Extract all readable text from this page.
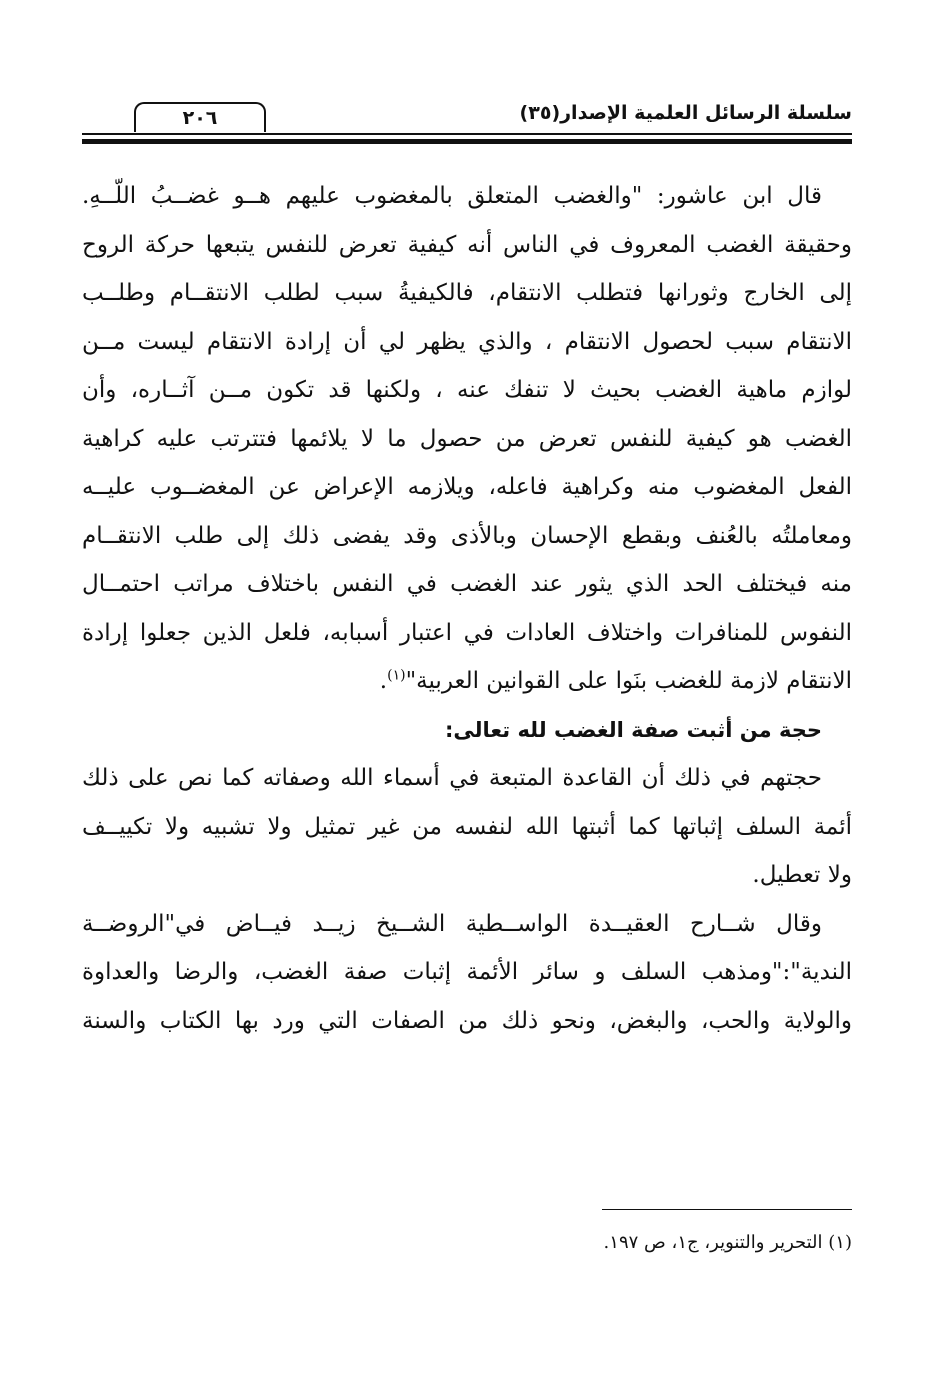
سلسلة الرسائل العلمية الإصدار(٣٥)
٢٠٦
قال ابن عاشور: "والغضب المتعلق بالمغضوب عليهم هــو غضــبُ اللّــهِ.
وحقيقة الغضب المعروف في الناس أنه كيفية تعرض للنفس يتبعها حركة الروح
إلى الخارج وثورانها فتطلب الانتقام، فالكيفيةُ سبب لطلب الانتقــام وطلــب
الانتقام سبب لحصول الانتقام ، والذي يظهر لي أن إرادة الانتقام ليست مــن
لوازم ماهية الغضب بحيث لا تنفك عنه ، ولكنها قد تكون مــن آثــاره، وأن
الغضب هو كيفية للنفس تعرض من حصول ما لا يلائمها فتترتب عليه كراهية
الفعل المغضوب منه وكراهية فاعله، ويلازمه الإعراض عن المغضــوب عليــه
ومعاملتُه بالعُنف وبقطع الإحسان وبالأذى وقد يفضى ذلك إلى طلب الانتقــام
منه فيختلف الحد الذي يثور عند الغضب في النفس باختلاف مراتب احتمــال
النفوس للمنافرات واختلاف العادات في اعتبار أسبابه، فلعل الذين جعلوا إرادة
الانتقام لازمة للغضب بنَوا على القوانين العربية"$^{(١)}$.
حجة من أثبت صفة الغضب لله تعالى:
حجتهم في ذلك أن القاعدة المتبعة في أسماء الله وصفاته كما نص على ذلك
أئمة السلف إثباتها كما أثبتها الله لنفسه من غير تمثيل ولا تشبيه ولا تكييــف
ولا تعطيل.
وقال شــارح العقيــدة الواســطية الشــيخ زيــد فيــاض في"الروضــة
الندية":"ومذهب السلف و سائر الأئمة إثبات صفة الغضب، والرضا والعداوة
والولاية والحب، والبغض، ونحو ذلك من الصفات التي ورد بها الكتاب والسنة
(١) التحرير والتنوير، ج١، ص ١٩٧.
